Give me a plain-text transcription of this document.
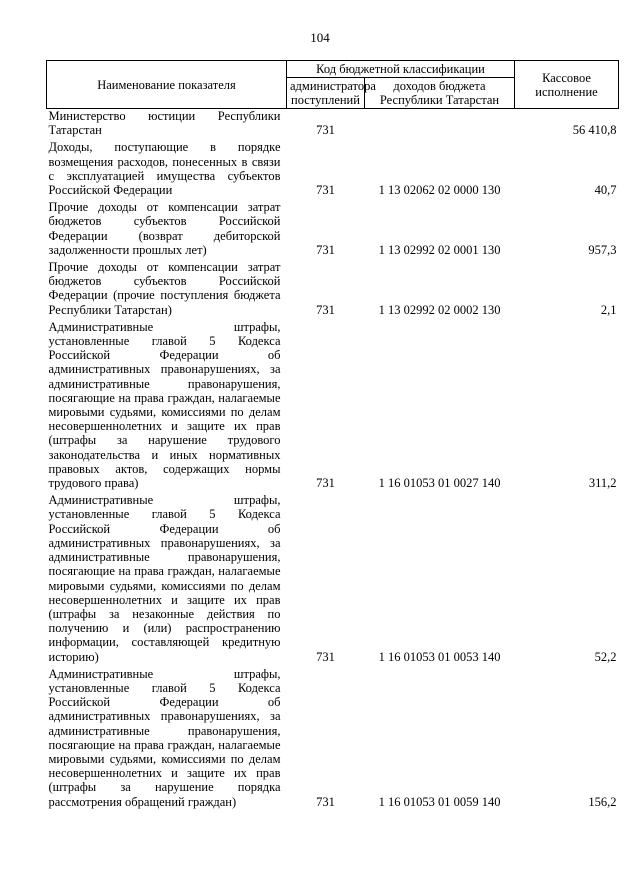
104
Наименование показателя	Код бюджетной классификации		Кассовое исполнение
	администратора поступлений	доходов бюджета Республики Татарстан	
Министерство юстиции Республики Татарстан	731		56 410,8
Доходы, поступающие в порядке возмещения расходов, понесенных в связи с эксплуатацией имущества субъектов Российской Федерации	731	1 13 02062 02 0000 130	40,7
Прочие доходы от компенсации затрат бюджетов субъектов Российской Федерации (возврат дебиторской задолженности прошлых лет)	731	1 13 02992 02 0001 130	957,3
Прочие доходы от компенсации затрат бюджетов субъектов Российской Федерации (прочие поступления бюджета Республики Татарстан)	731	1 13 02992 02 0002 130	2,1
Административные штрафы, установленные главой 5 Кодекса Российской Федерации об административных правонарушениях, за административные правонарушения, посягающие на права граждан, налагаемые мировыми судьями, комиссиями по делам несовершеннолетних и защите их прав (штрафы за нарушение трудового законодательства и иных нормативных правовых актов, содержащих нормы трудового права)	731	1 16 01053 01 0027 140	311,2
Административные штрафы, установленные главой 5 Кодекса Российской Федерации об административных правонарушениях, за административные правонарушения, посягающие на права граждан, налагаемые мировыми судьями, комиссиями по делам несовершеннолетних и защите их прав (штрафы за незаконные действия по получению и (или) распространению информации, составляющей кредитную историю)	731	1 16 01053 01 0053 140	52,2
Административные штрафы, установленные главой 5 Кодекса Российской Федерации об административных правонарушениях, за административные правонарушения, посягающие на права граждан, налагаемые мировыми судьями, комиссиями по делам несовершеннолетних и защите их прав (штрафы за нарушение порядка рассмотрения обращений граждан)	731	1 16 01053 01 0059 140	156,2
